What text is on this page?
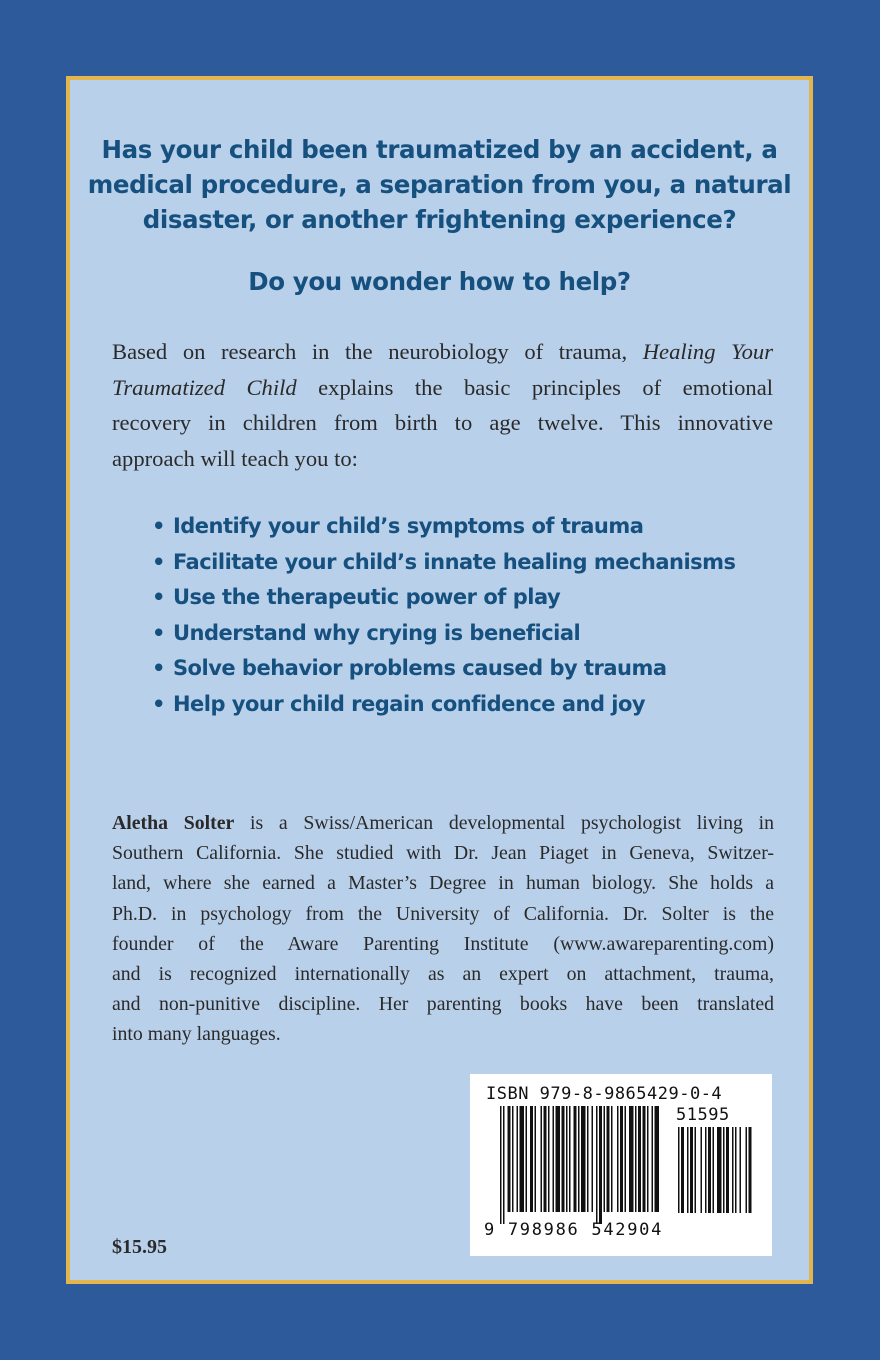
Has your child been traumatized by an accident, a
medical procedure, a separation from you, a natural
disaster, or another frightening experience?
Do you wonder how to help?
Based on research in the neurobiology of trauma, Healing Your
Traumatized Child explains the basic principles of emotional
recovery in children from birth to age twelve. This innovative
approach will teach you to:
• Identify your child’s symptoms of trauma
• Facilitate your child’s innate healing mechanisms
• Use the therapeutic power of play
• Understand why crying is beneficial
• Solve behavior problems caused by trauma
• Help your child regain confidence and joy
Aletha Solter is a Swiss/American developmental psychologist living in
Southern California. She studied with Dr. Jean Piaget in Geneva, Switzer-
land, where she earned a Master’s Degree in human biology. She holds a
Ph.D. in psychology from the University of California. Dr. Solter is the
founder of the Aware Parenting Institute (www.awareparenting.com)
and is recognized internationally as an expert on attachment, trauma,
and non-punitive discipline. Her parenting books have been translated
into many languages.
$15.95
ISBN 979-8-9865429-0-4
51595
9 798986 542904
